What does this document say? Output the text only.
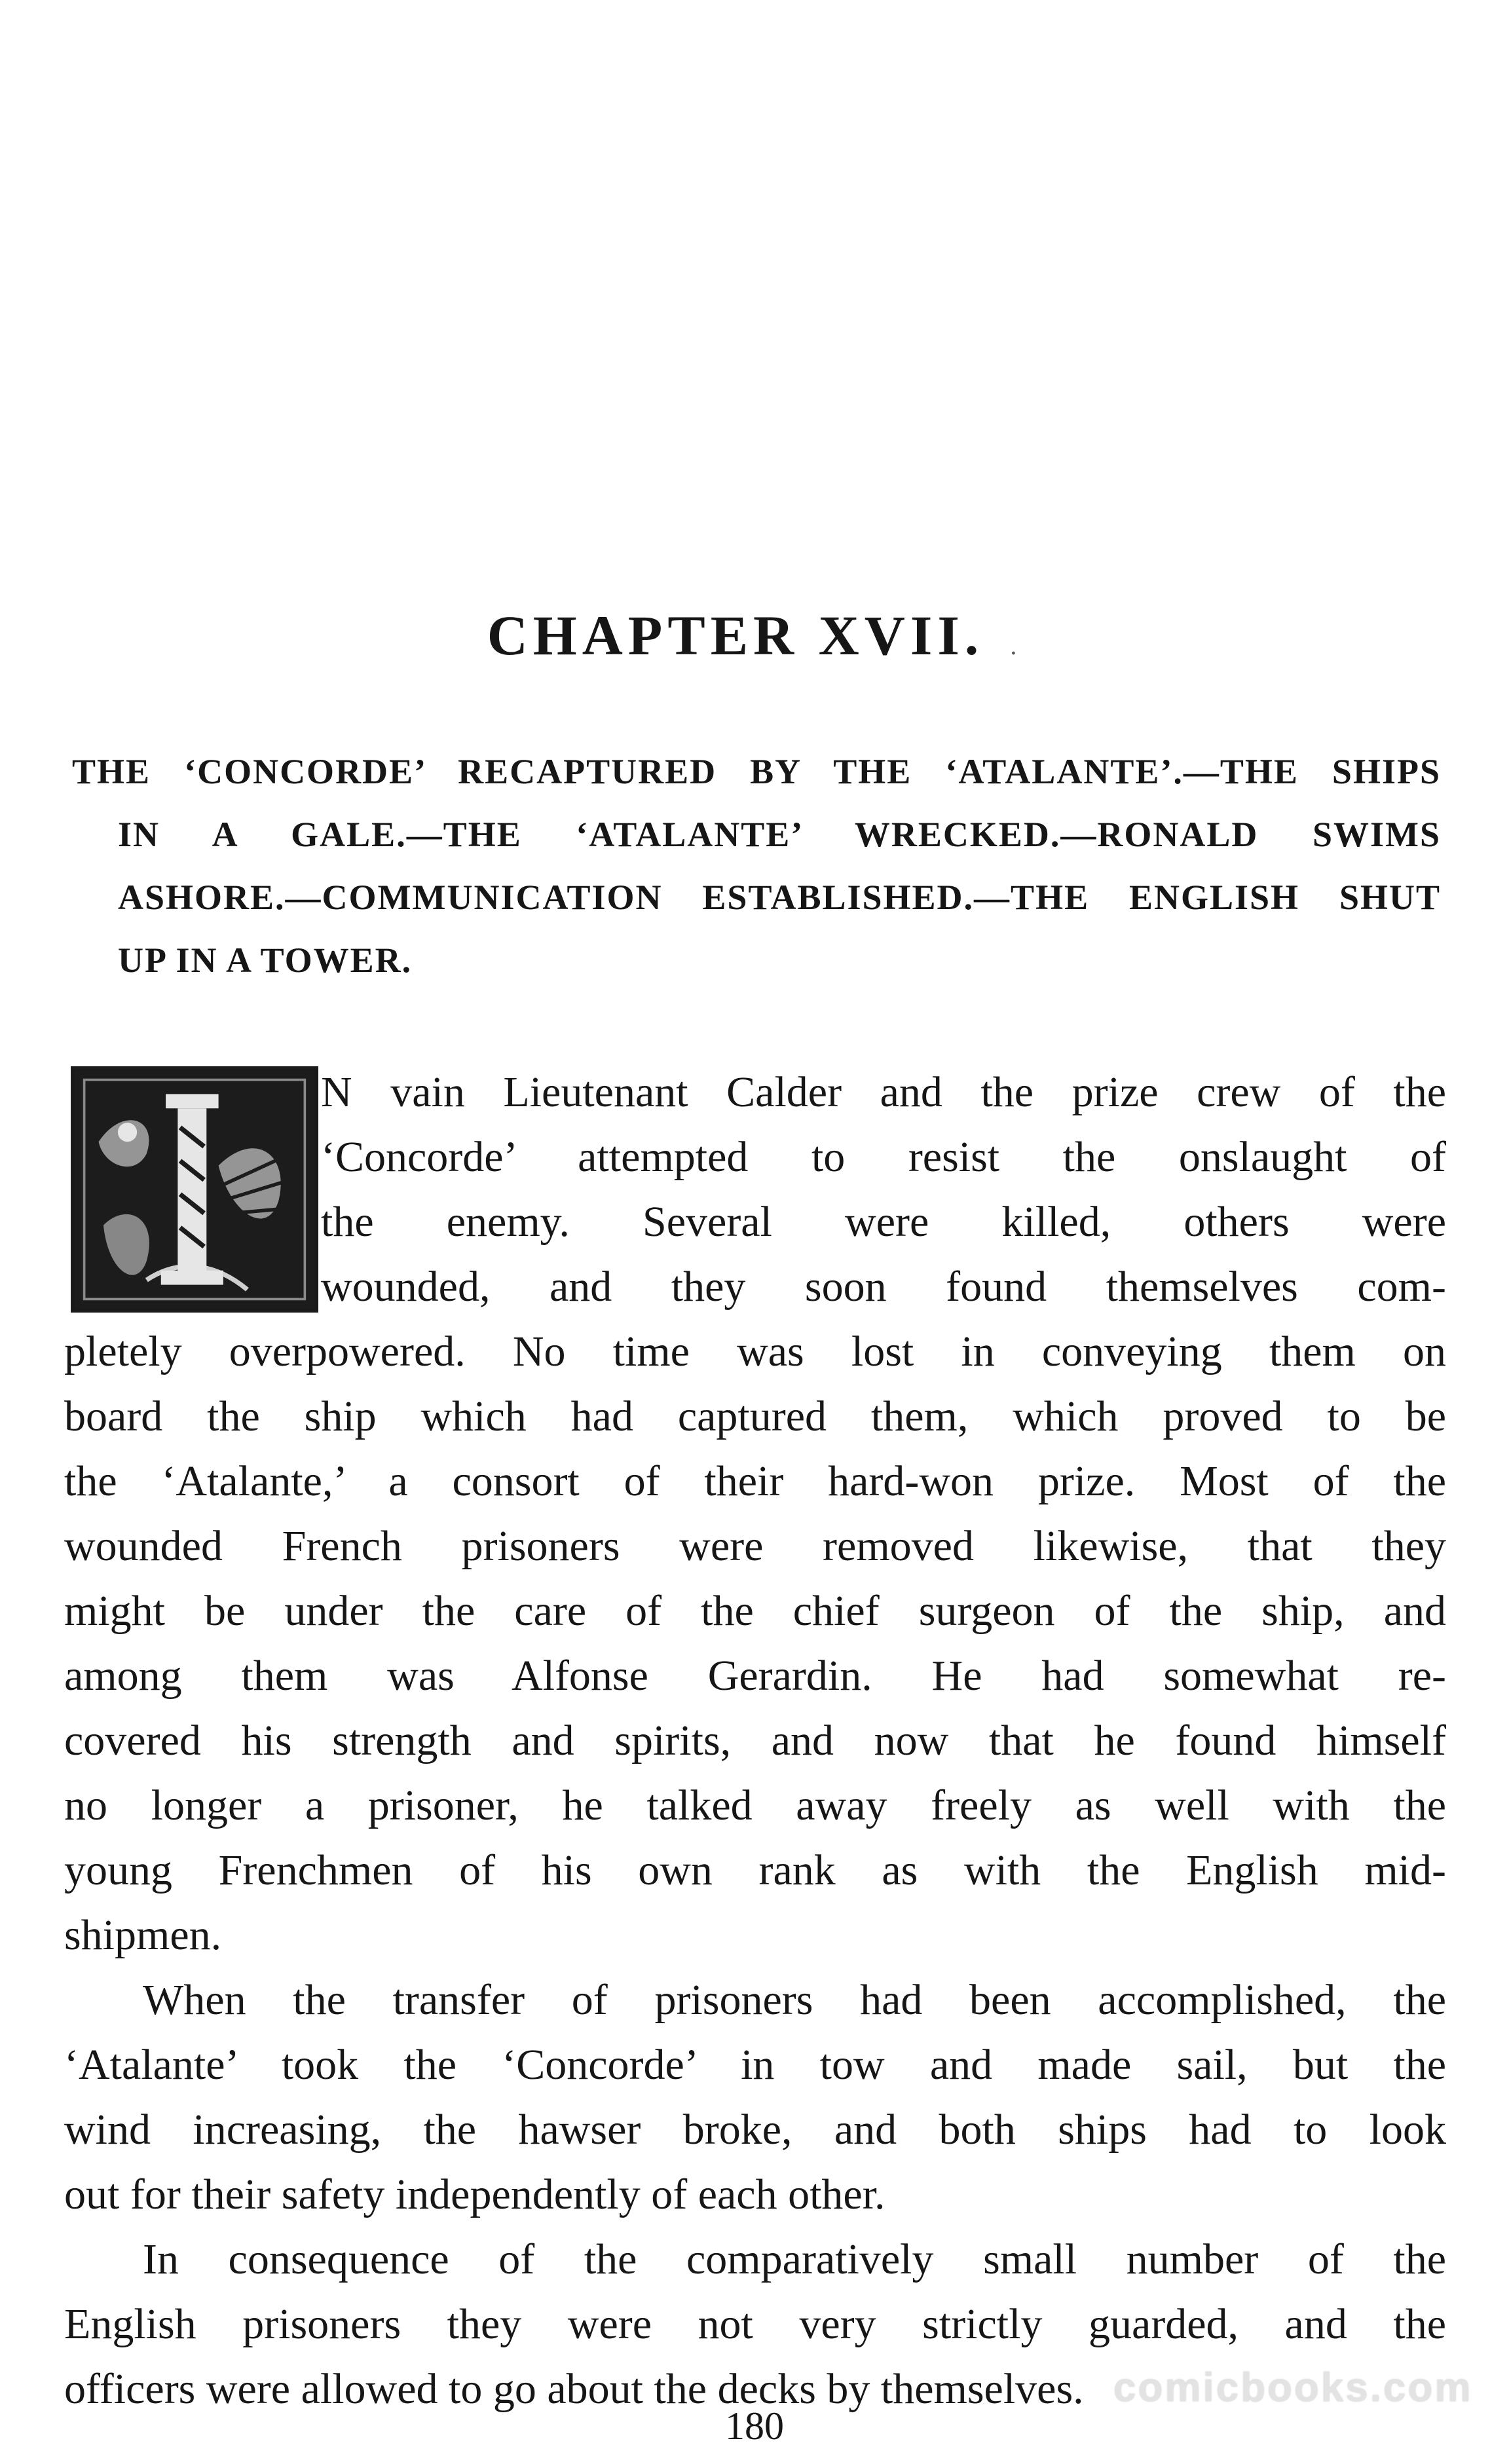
CHAPTER XVII. .
THE ‘CONCORDE’ RECAPTURED BY THE ‘ATALANTE’.—THE SHIPS
IN A GALE.—THE ‘ATALANTE’ WRECKED.—RONALD SWIMS
ASHORE.—COMMUNICATION ESTABLISHED.—THE ENGLISH SHUT
UP IN A TOWER.
N vain Lieutenant Calder and the prize crew of the
‘Concorde’ attempted to resist the onslaught of
the enemy. Several were killed, others were
wounded, and they soon found themselves com-
pletely overpowered. No time was lost in conveying them on
board the ship which had captured them, which proved to be
the ‘Atalante,’ a consort of their hard-won prize. Most of the
wounded French prisoners were removed likewise, that they
might be under the care of the chief surgeon of the ship, and
among them was Alfonse Gerardin. He had somewhat re-
covered his strength and spirits, and now that he found himself
no longer a prisoner, he talked away freely as well with the
young Frenchmen of his own rank as with the English mid-
shipmen.
When the transfer of prisoners had been accomplished, the
‘Atalante’ took the ‘Concorde’ in tow and made sail, but the
wind increasing, the hawser broke, and both ships had to look
out for their safety independently of each other.
In consequence of the comparatively small number of the
English prisoners they were not very strictly guarded, and the
officers were allowed to go about the decks by themselves. comicbooks.com
180
